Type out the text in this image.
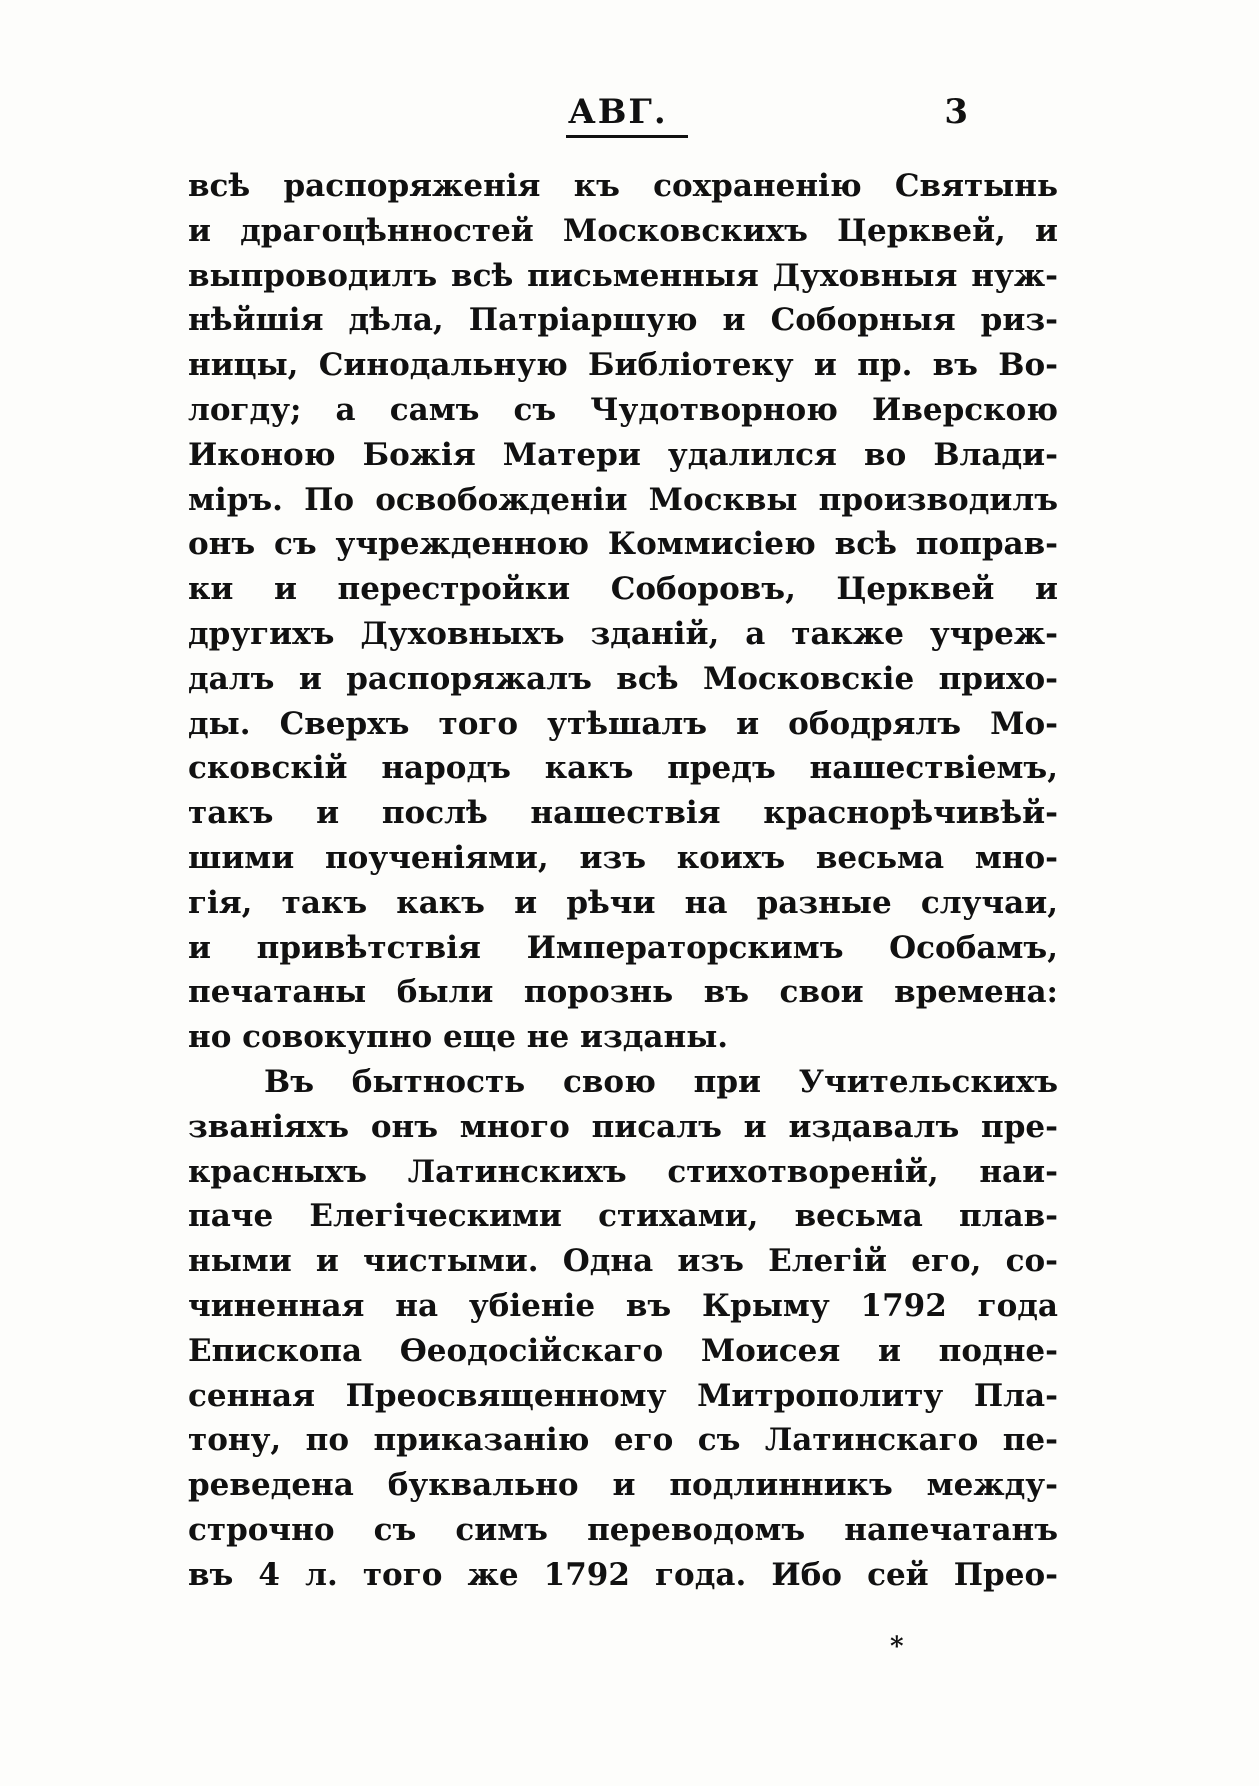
АВГ.	3
всѣ распоряженія къ сохраненію Святынь
и драгоцѣнностей Московскихъ Церквей, и
выпроводилъ всѣ письменныя Духовныя нуж-
нѣйшія дѣла, Патріаршую и Соборныя риз-
ницы, Синодальную Библіотеку и пр. въ Во-
логду; а самъ съ Чудотворною Иверскою
Иконою Божія Матери удалился во Влади-
міръ. По освобожденіи Москвы производилъ
онъ съ учрежденною Коммисіею всѣ поправ-
ки и перестройки Соборовъ, Церквей и
другихъ Духовныхъ зданій, а также учреж-
далъ и распоряжалъ всѣ Московскіе прихо-
ды. Сверхъ того утѣшалъ и ободрялъ Мо-
сковскій народъ какъ предъ нашествіемъ,
такъ и послѣ нашествія краснорѣчивѣй-
шими поученіями, изъ коихъ весьма мно-
гія, такъ какъ и рѣчи на разные случаи,
и привѣтствія Императорскимъ Особамъ,
печатаны были порознь въ свои времена:
но совокупно еще не изданы.
Въ бытность свою при Учительскихъ
званіяхъ онъ много писалъ и издавалъ пре-
красныхъ Латинскихъ стихотвореній, наи-
паче Елегіческими стихами, весьма плав-
ными и чистыми. Одна изъ Елегій его, со-
чиненная на убіеніе въ Крыму 1792 года
Епископа Ѳеодосійскаго Моисея и подне-
сенная Преосвященному Митрополиту Пла-
тону, по приказанію его съ Латинскаго пе-
реведена буквально и подлинникъ между-
строчно съ симъ переводомъ напечатанъ
въ 4 л. того же 1792 года. Ибо сей Прео-
*
